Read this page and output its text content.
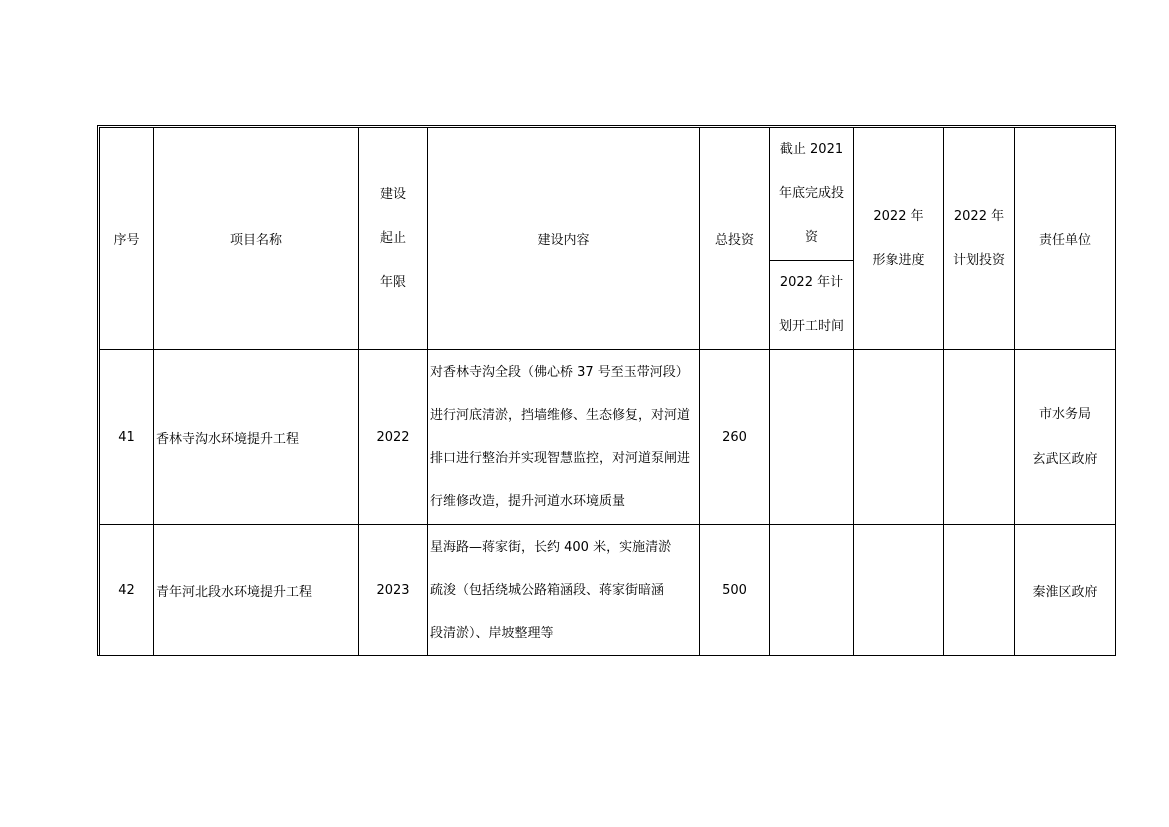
序号	项目名称	建设
起止
年限	建设内容	总投资	截止 2021
年底完成投
资	2022 年
形象进度	2022 年
计划投资	责任单位

					2022 年计
划开工时间			

41	香林寺沟水环境提升工程	2022	对香林寺沟全段（佛心桥 37 号至玉带河段）
进行河底清淤，挡墙维修、生态修复，对河道
排口进行整治并实现智慧监控，对河道泵闸进
行维修改造，提升河道水环境质量	260				市水务局
玄武区政府

42	青年河北段水环境提升工程	2023	星海路—蒋家街，长约 400 米，实施清淤
疏浚（包括绕城公路箱涵段、蒋家街暗涵
段清淤）、岸坡整理等	500				秦淮区政府
